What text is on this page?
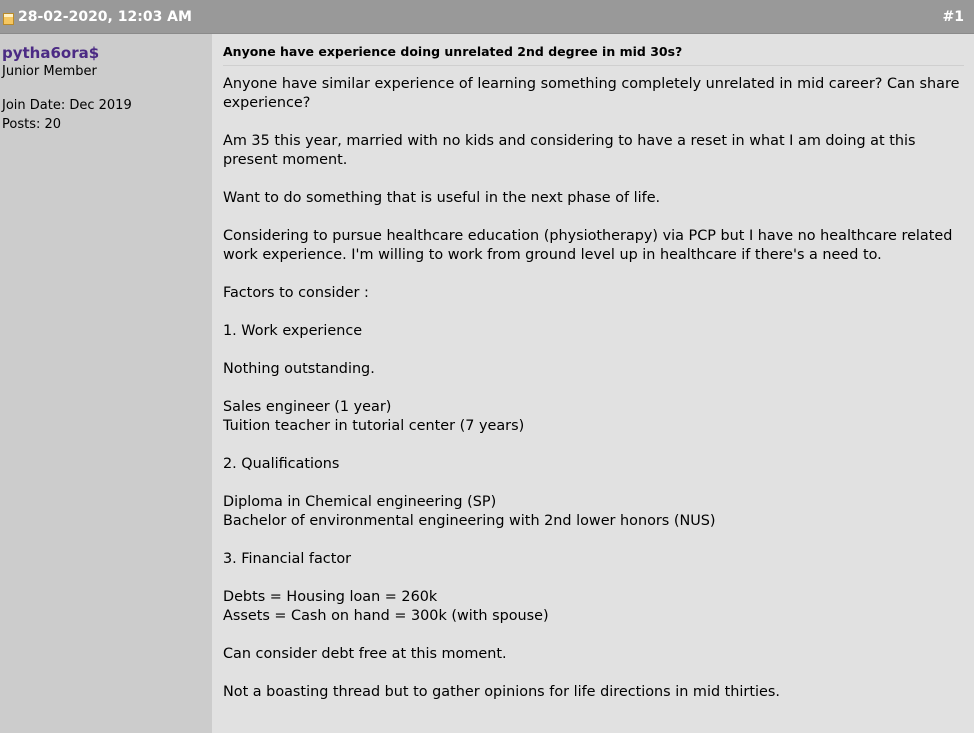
28-02-2020, 12:03 AM	#1
pytha6ora$
Junior Member
Join Date: Dec 2019
Posts: 20
Anyone have experience doing unrelated 2nd degree in mid 30s?

Anyone have similar experience of learning something completely unrelated in mid career? Can share experience?

Am 35 this year, married with no kids and considering to have a reset in what I am doing at this present moment.

Want to do something that is useful in the next phase of life.

Considering to pursue healthcare education (physiotherapy) via PCP but I have no healthcare related work experience. I'm willing to work from ground level up in healthcare if there's a need to.

Factors to consider :

1. Work experience

Nothing outstanding.

Sales engineer (1 year)
Tuition teacher in tutorial center (7 years)

2. Qualifications

Diploma in Chemical engineering (SP)
Bachelor of environmental engineering with 2nd lower honors (NUS)

3. Financial factor

Debts = Housing loan = 260k
Assets = Cash on hand = 300k (with spouse)

Can consider debt free at this moment.

Not a boasting thread but to gather opinions for life directions in mid thirties.
